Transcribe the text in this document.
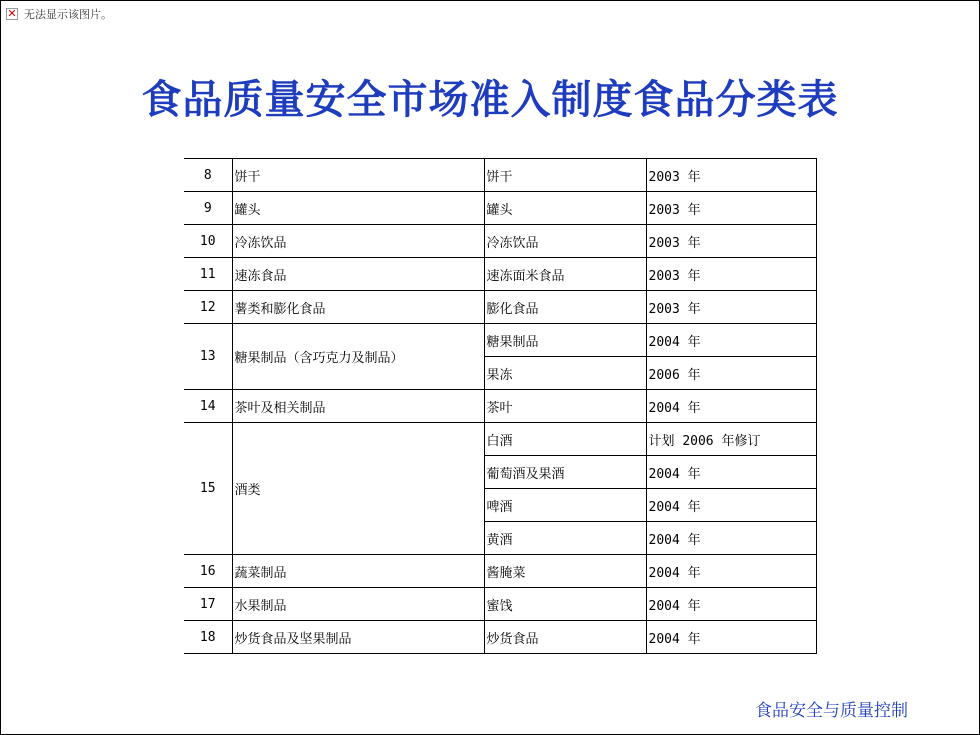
✕ 无法显示该图片。
食品质量安全市场准入制度食品分类表
8	饼干	饼干	2003 年
9	罐头	罐头	2003 年
10	冷冻饮品	冷冻饮品	2003 年
11	速冻食品	速冻面米食品	2003 年
12	薯类和膨化食品	膨化食品	2003 年
13	糖果制品（含巧克力及制品）	糖果制品	2004 年
		果冻	2006 年
14	茶叶及相关制品	茶叶	2004 年
15	酒类	白酒	计划 2006 年修订
		葡萄酒及果酒	2004 年
		啤酒	2004 年
		黄酒	2004 年
16	蔬菜制品	酱腌菜	2004 年
17	水果制品	蜜饯	2004 年
18	炒货食品及坚果制品	炒货食品	2004 年
食品安全与质量控制
